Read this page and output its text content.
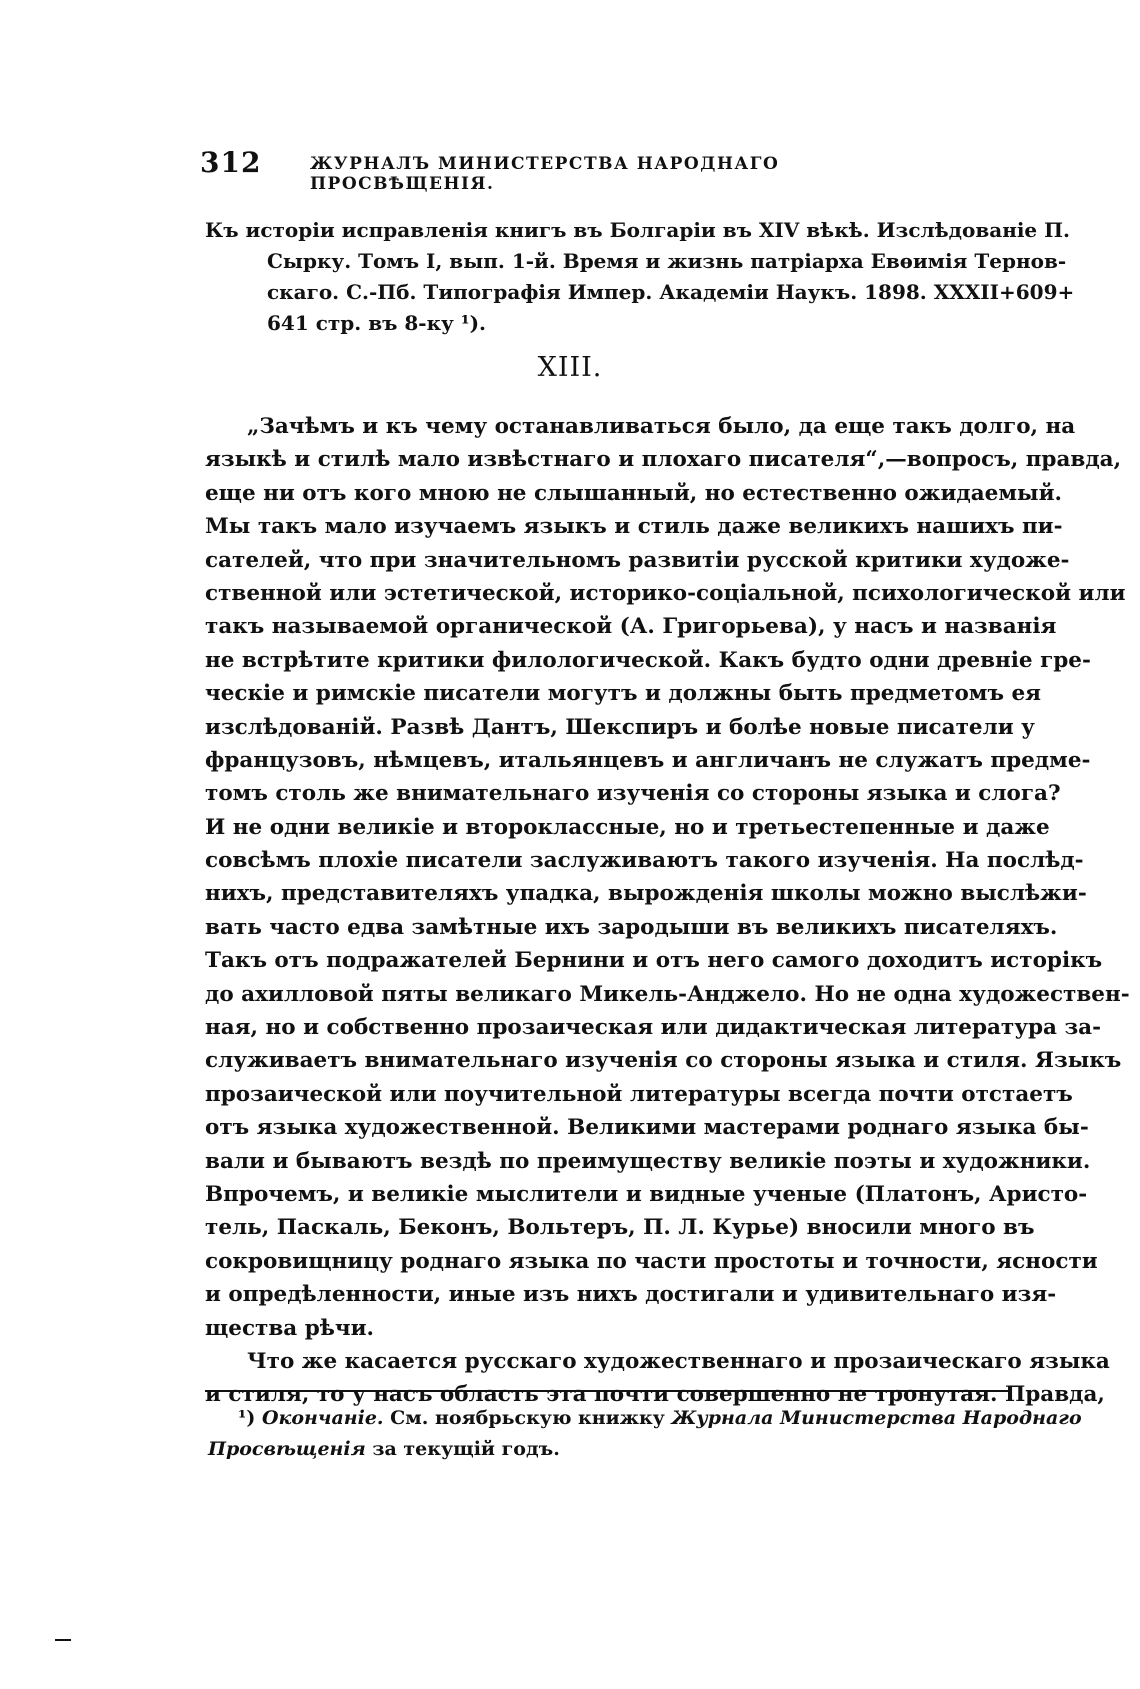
312	ЖУРНАЛЪ МИНИСТЕРСТВА НАРОДНАГО ПРОСВѢЩЕНІЯ.
Къ исторіи исправленія книгъ въ Болгаріи въ XIV вѣкѣ. Изслѣдованіе П.
Сырку. Томъ I, вып. 1-й. Время и жизнь патріарха Евѳимія Тернов-
скаго. С.-Пб. Типографія Импер. Академіи Наукъ. 1898. XXXII+609+
641 стр. въ 8-ку ¹).
XIII.
„Зачѣмъ и къ чему останавливаться было, да еще такъ долго, на
языкѣ и стилѣ мало извѣстнаго и плохаго писателя“,—вопросъ, правда,
еще ни отъ кого мною не слышанный, но естественно ожидаемый.
Мы такъ мало изучаемъ языкъ и стиль даже великихъ нашихъ пи-
сателей, что при значительномъ развитіи русской критики художе-
ственной или эстетической, историко-соціальной, психологической или
такъ называемой органической (А. Григорьева), у насъ и названія
не встрѣтите критики филологической. Какъ будто одни древніе гре-
ческіе и римскіе писатели могутъ и должны быть предметомъ ея
изслѣдованій. Развѣ Дантъ, Шекспиръ и болѣе новые писатели у
французовъ, нѣмцевъ, итальянцевъ и англичанъ не служатъ предме-
томъ столь же внимательнаго изученія со стороны языка и слога?
И не одни великіе и второклассные, но и третьестепенные и даже
совсѣмъ плохіе писатели заслуживаютъ такого изученія. На послѣд-
нихъ, представителяхъ упадка, вырожденія школы можно выслѣжи-
вать часто едва замѣтные ихъ зародыши въ великихъ писателяхъ.
Такъ отъ подражателей Бернини и отъ него самого доходитъ исторікъ
до ахилловой пяты великаго Микель-Анджело. Но не одна художествен-
ная, но и собственно прозаическая или дидактическая литература за-
служиваетъ внимательнаго изученія со стороны языка и стиля. Языкъ
прозаической или поучительной литературы всегда почти отстаетъ
отъ языка художественной. Великими мастерами роднаго языка бы-
вали и бываютъ вездѣ по преимуществу великіе поэты и художники.
Впрочемъ, и великіе мыслители и видные ученые (Платонъ, Аристо-
тель, Паскаль, Беконъ, Вольтеръ, П. Л. Курье) вносили много въ
сокровищницу роднаго языка по части простоты и точности, ясности
и опредѣленности, иные изъ нихъ достигали и удивительнаго изя-
щества рѣчи.
Что же касается русскаго художественнаго и прозаическаго языка
и стиля, то у насъ область эта почти совершенно не тронутая. Правда,
¹) Окончаніе. См. ноябрьскую книжку Журнала Министерства Народнаго
Просвѣщенія за текущій годъ.
